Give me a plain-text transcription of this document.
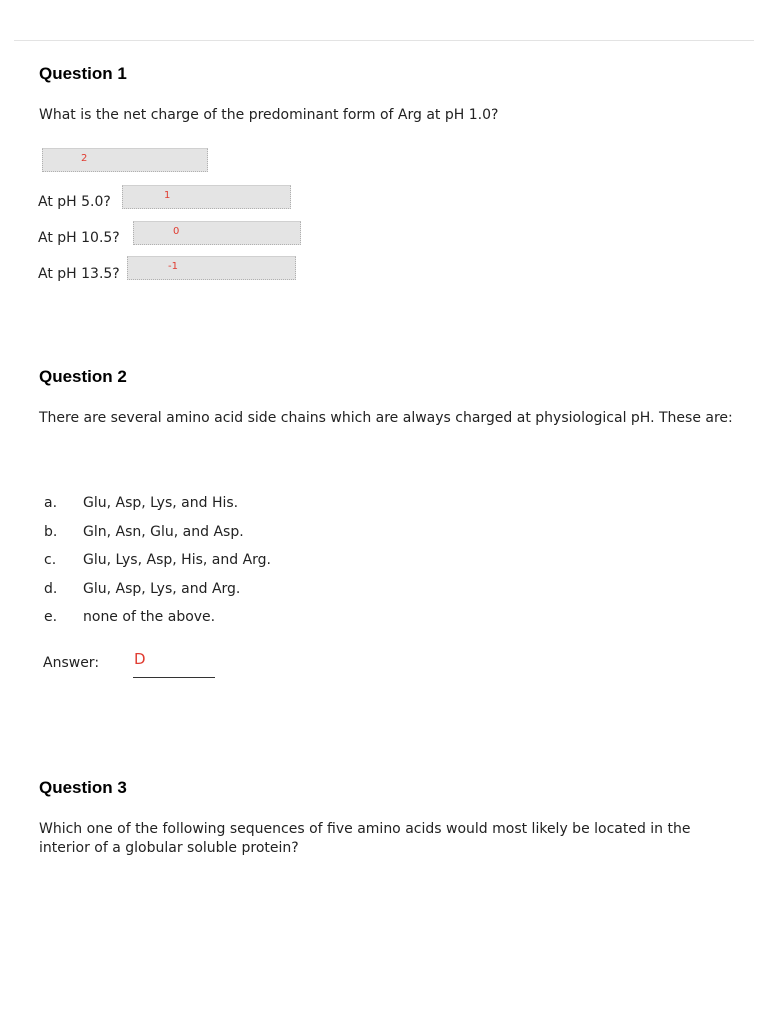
Question 1

What is the net charge of the predominant form of Arg at pH 1.0?

2
At pH 5.0?	1
At pH 10.5?	0
At pH 13.5?	-1
Question 2

There are several amino acid side chains which are always charged at physiological pH. These are:

a. Glu, Asp, Lys, and His.
b. Gln, Asn, Glu, and Asp.
c. Glu, Lys, Asp, His, and Arg.
d. Glu, Asp, Lys, and Arg.
e. none of the above.
Answer: D
Question 3

Which one of the following sequences of five amino acids would most likely be located in the interior of a globular soluble protein?
